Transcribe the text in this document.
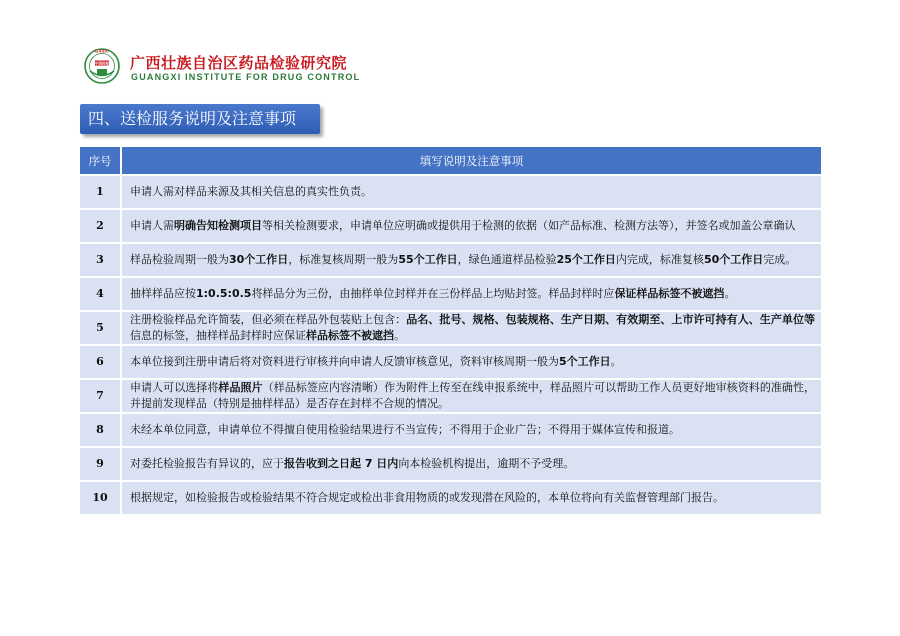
GXIDC
中国药检 广西壮族自治区药品检验研究院
GUANGXI INSTITUTE FOR DRUG CONTROL
四、送检服务说明及注意事项
序号	填写说明及注意事项
1	申请人需对样品来源及其相关信息的真实性负责。
2	申请人需明确告知检测项目等相关检测要求，申请单位应明确或提供用于检测的依据（如产品标准、检测方法等），并签名或加盖公章确认
3	样品检验周期一般为30个工作日，标准复核周期一般为55个工作日，绿色通道样品检验25个工作日内完成，标准复核50个工作日完成。
4	抽样样品应按1:0.5:0.5将样品分为三份，由抽样单位封样并在三份样品上均贴封签。样品封样时应保证样品标签不被遮挡。
5	注册检验样品允许简装，但必须在样品外包装贴上包含：品名、批号、规格、包装规格、生产日期、有效期至、上市许可持有人、生产单位等信息的标签，抽样样品封样时应保证样品标签不被遮挡。
6	本单位接到注册申请后将对资料进行审核并向申请人反馈审核意见，资料审核周期一般为5个工作日。
7	申请人可以选择将样品照片（样品标签应内容清晰）作为附件上传至在线申报系统中，样品照片可以帮助工作人员更好地审核资料的准确性，并提前发现样品（特别是抽样样品）是否存在封样不合规的情况。
8	未经本单位同意，申请单位不得擅自使用检验结果进行不当宣传；不得用于企业广告；不得用于媒体宣传和报道。
9	对委托检验报告有异议的，应于报告收到之日起 7 日内向本检验机构提出，逾期不予受理。
10	根据规定，如检验报告或检验结果不符合规定或检出非食用物质的或发现潜在风险的，本单位将向有关监督管理部门报告。
